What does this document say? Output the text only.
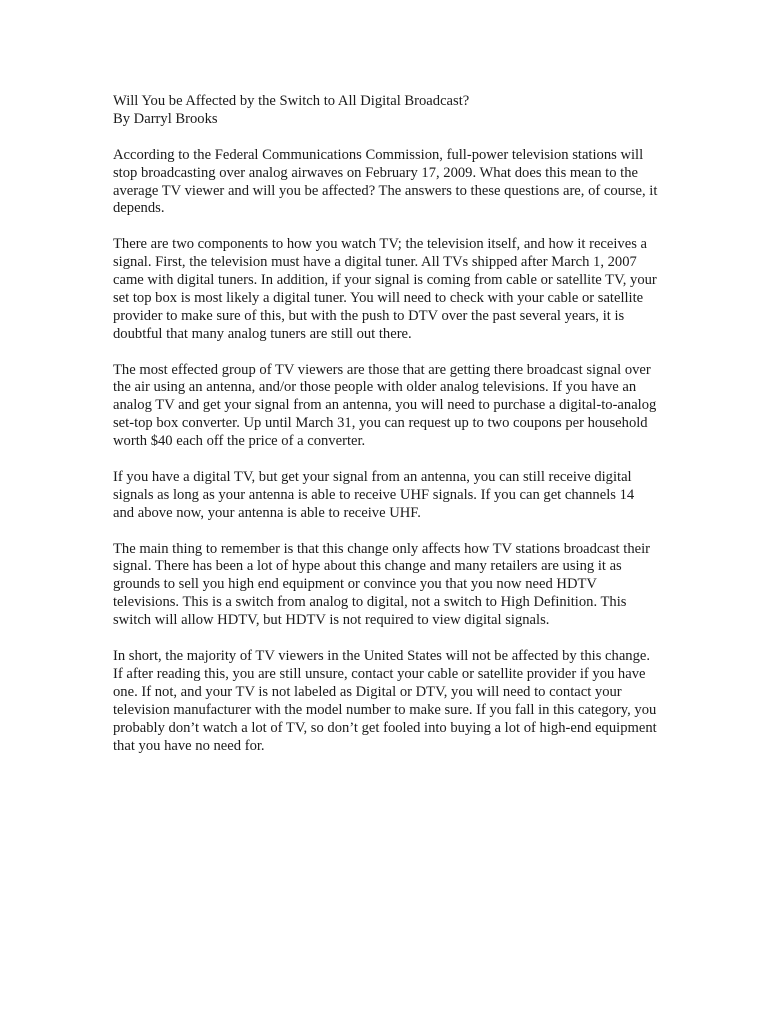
Will You be Affected by the Switch to All Digital Broadcast?

By Darryl Brooks

According to the Federal Communications Commission, full-power television stations will stop broadcasting over analog airwaves on February 17, 2009. What does this mean to the average TV viewer and will you be affected? The answers to these questions are, of course, it depends.

There are two components to how you watch TV; the television itself, and how it receives a signal. First, the television must have a digital tuner. All TVs shipped after March 1, 2007 came with digital tuners. In addition, if your signal is coming from cable or satellite TV, your set top box is most likely a digital tuner. You will need to check with your cable or satellite provider to make sure of this, but with the push to DTV over the past several years, it is doubtful that many analog tuners are still out there.

The most effected group of TV viewers are those that are getting there broadcast signal over the air using an antenna, and/or those people with older analog televisions. If you have an analog TV and get your signal from an antenna, you will need to purchase a digital-to-analog set-top box converter. Up until March 31, you can request up to two coupons per household worth $40 each off the price of a converter.

If you have a digital TV, but get your signal from an antenna, you can still receive digital signals as long as your antenna is able to receive UHF signals. If you can get channels 14 and above now, your antenna is able to receive UHF.

The main thing to remember is that this change only affects how TV stations broadcast their signal. There has been a lot of hype about this change and many retailers are using it as grounds to sell you high end equipment or convince you that you now need HDTV televisions. This is a switch from analog to digital, not a switch to High Definition. This switch will allow HDTV, but HDTV is not required to view digital signals.

In short, the majority of TV viewers in the United States will not be affected by this change. If after reading this, you are still unsure, contact your cable or satellite provider if you have one. If not, and your TV is not labeled as Digital or DTV, you will need to contact your television manufacturer with the model number to make sure. If you fall in this category, you probably don’t watch a lot of TV, so don’t get fooled into buying a lot of high-end equipment that you have no need for.
